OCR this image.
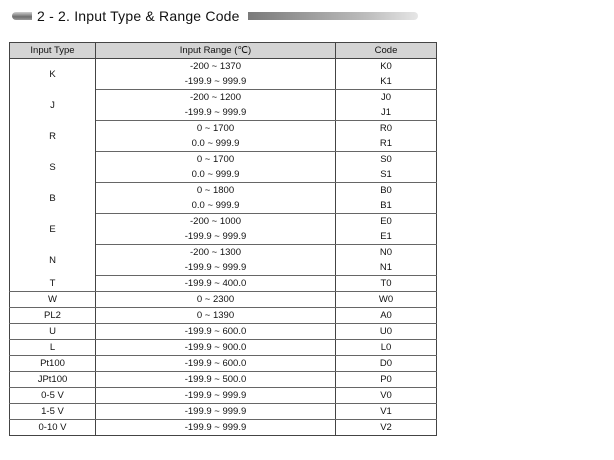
2 - 2. Input Type & Range Code
Input Type	Input Range (℃)	Code
K	-200 ~ 1370	K0
	-199.9 ~ 999.9	K1
J	-200 ~ 1200	J0
	-199.9 ~ 999.9	J1
R	0 ~ 1700	R0
	0.0 ~ 999.9	R1
S	0 ~ 1700	S0
	0.0 ~ 999.9	S1
B	0 ~ 1800	B0
	0.0 ~ 999.9	B1
E	-200 ~ 1000	E0
	-199.9 ~ 999.9	E1
N	-200 ~ 1300	N0
	-199.9 ~ 999.9	N1
T	-199.9 ~ 400.0	T0
W	0 ~ 2300	W0
PL2	0 ~ 1390	A0
U	-199.9 ~ 600.0	U0
L	-199.9 ~ 900.0	L0
Pt100	-199.9 ~ 600.0	D0
JPt100	-199.9 ~ 500.0	P0
0-5 V	-199.9 ~ 999.9	V0
1-5 V	-199.9 ~ 999.9	V1
0-10 V	-199.9 ~ 999.9	V2
